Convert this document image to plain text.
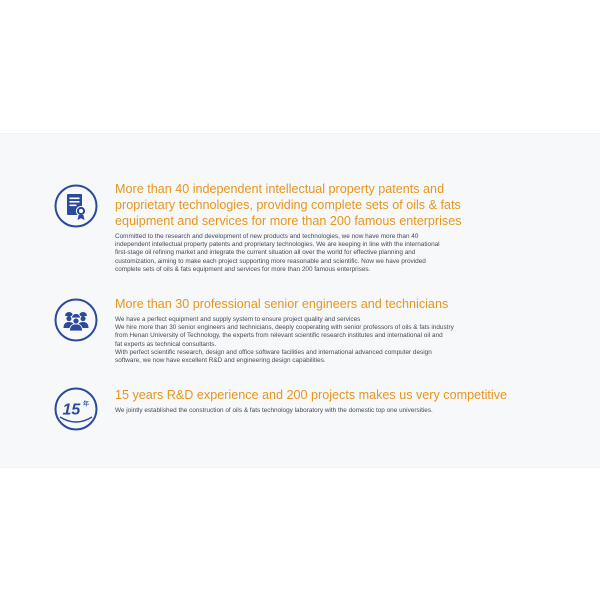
More than 40 independent intellectual property patents and
proprietary technologies, providing complete sets of oils & fats
equipment and services for more than 200 famous enterprises

Committed to the research and development of new products and technologies, we now have more than 40
independent intellectual property patents and proprietary technologies. We are keeping in line with the international
first-stage oil refining market and integrate the current situation all over the world for effective planning and
customization, aiming to make each project supporting more reasonable and scientific. Now we have provided
complete sets of oils & fats equipment and services for more than 200 famous enterprises.

More than 30 professional senior engineers and technicians

We have a perfect equipment and supply system to ensure project quality and services
We hire more than 30 senior engineers and technicians, deeply cooperating with senior professors of oils & fats industry
from Henan University of Technology, the experts from relevant scientific research institutes and international oil and
fat experts as technical consultants.
With perfect scientific research, design and office software facilities and international advanced computer design
software, we now have excellent R&D and engineering design capabilities.

15 年
15 years R&D experience and 200 projects makes us very competitive

We jointly established the construction of oils & fats technology laboratory with the domestic top one universities.
